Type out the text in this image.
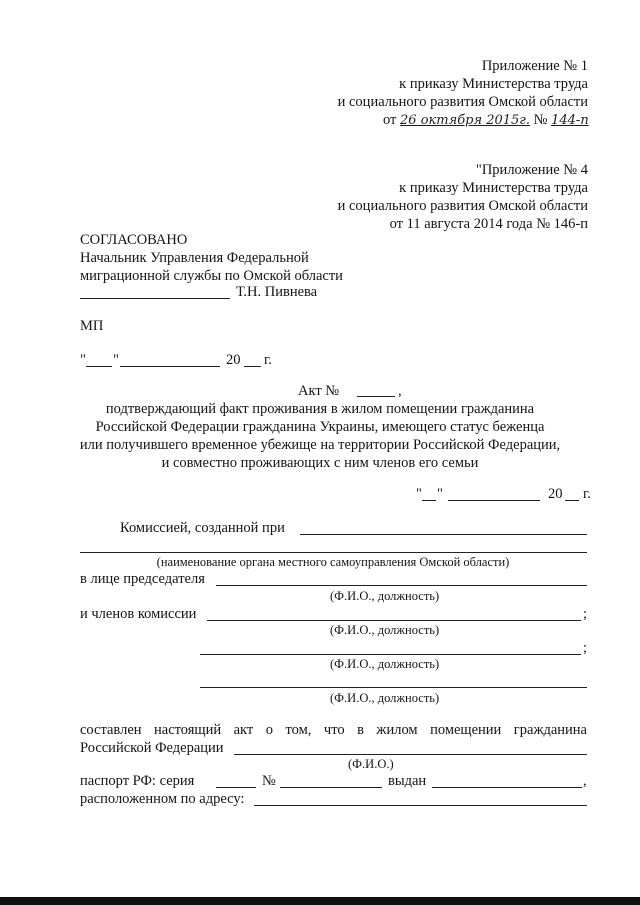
Приложение № 1
к приказу Министерства труда
и социального развития Омской области
от 26 октября 2015г. № 144-п
"Приложение № 4
к приказу Министерства труда
и социального развития Омской области
от 11 августа 2014 года № 146-п
СОГЛАСОВАНО
Начальник Управления Федеральной
миграционной службы по Омской области
Т.Н. Пивнева
МП
" "	20 г.
Акт №	,
подтверждающий факт проживания в жилом помещении гражданина
Российской Федерации гражданина Украины, имеющего статус беженца
или получившего временное убежище на территории Российской Федерации,
и совместно проживающих с ним членов его семьи
" "	20 г.
Комиссией, созданной при
(наименование органа местного самоуправления Омской области)
в лице председателя
(Ф.И.О., должность)
и членов комиссии	;
(Ф.И.О., должность)
;
(Ф.И.О., должность)
(Ф.И.О., должность)
составлен настоящий акт о том, что в жилом помещении гражданина
Российской Федерации
(Ф.И.О.)
паспорт РФ: серия	№	выдан	,
расположенном по адресу:
